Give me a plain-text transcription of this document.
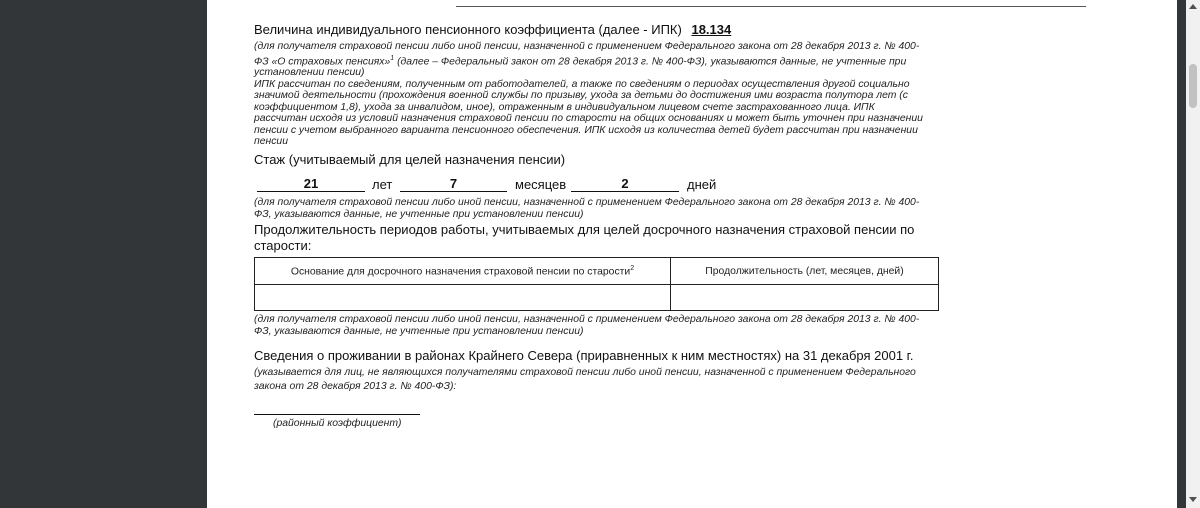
Величина индивидуального пенсионного коэффициента (далее - ИПК) 18.134
(для получателя страховой пенсии либо иной пенсии, назначенной с применением Федерального закона от 28 декабря 2013 г. № 400-
ФЗ «О страховых пенсиях»$^1$ (далее – Федеральный закон от 28 декабря 2013 г. № 400-ФЗ), указываются данные, не учтенные при
установлении пенсии)
ИПК рассчитан по сведениям, полученным от работодателей, а также по сведениям о периодах осуществления другой социально
значимой деятельности (прохождения военной службы по призыву, ухода за детьми до достижения ими возраста полутора лет (с
коэффициентом 1,8), ухода за инвалидом, иное), отраженным в индивидуальном лицевом счете застрахованного лица. ИПК
рассчитан исходя из условий назначения страховой пенсии по старости на общих основаниях и может быть уточнен при назначении
пенсии с учетом выбранного варианта пенсионного обеспечения. ИПК исходя из количества детей будет рассчитан при назначении
пенсии
Стаж (учитываемый для целей назначения пенсии)
21	лет	7	месяцев	2	дней
(для получателя страховой пенсии либо иной пенсии, назначенной с применением Федерального закона от 28 декабря 2013 г. № 400-
ФЗ, указываются данные, не учтенные при установлении пенсии)
Продолжительность периодов работы, учитываемых для целей досрочного назначения страховой пенсии по
старости:
Основание для досрочного назначения страховой пенсии по старости$^2$	Продолжительность (лет, месяцев, дней)

(для получателя страховой пенсии либо иной пенсии, назначенной с применением Федерального закона от 28 декабря 2013 г. № 400-
ФЗ, указываются данные, не учтенные при установлении пенсии)
Сведения о проживании в районах Крайнего Севера (приравненных к ним местностях) на 31 декабря 2001 г.
(указывается для лиц, не являющихся получателями страховой пенсии либо иной пенсии, назначенной с применением Федерального
закона от 28 декабря 2013 г. № 400-ФЗ):
(районный коэффициент)
